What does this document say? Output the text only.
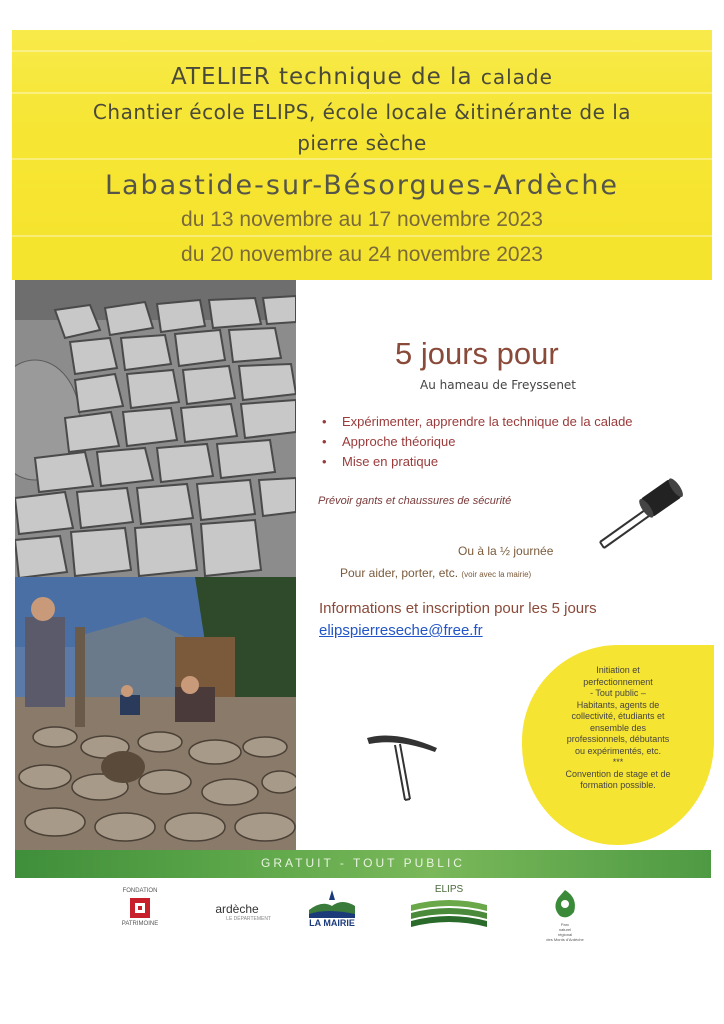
ATELIER technique de la calade
Chantier école ELIPS, école locale &itinérante de la
pierre sèche
Labastide-sur-Bésorgues-Ardèche
du 13 novembre au 17 novembre 2023
du 20 novembre au 24 novembre 2023
5 jours pour
Au hameau de Freyssenet
• Expérimenter, apprendre la technique de la calade
• Approche théorique
• Mise en pratique
Prévoir gants et chaussures de sécurité
Ou à la ½ journée
Pour aider, porter, etc. (voir avec la mairie)
Informations et inscription pour les 5 jours
elipspierreseche@free.fr
Initiation et
perfectionnement
- Tout public –
Habitants, agents de
collectivité, étudiants et
ensemble des
professionnels, débutants
ou expérimentés, etc.
***
Convention de stage et de
formation possible.
GRATUIT - TOUT PUBLIC
FONDATION
PATRIMOINE
ardèche
LE DÉPARTEMENT	LA MAIRIE
ELIPS
Parc
naturel
régional
des Monts d'Ardèche
